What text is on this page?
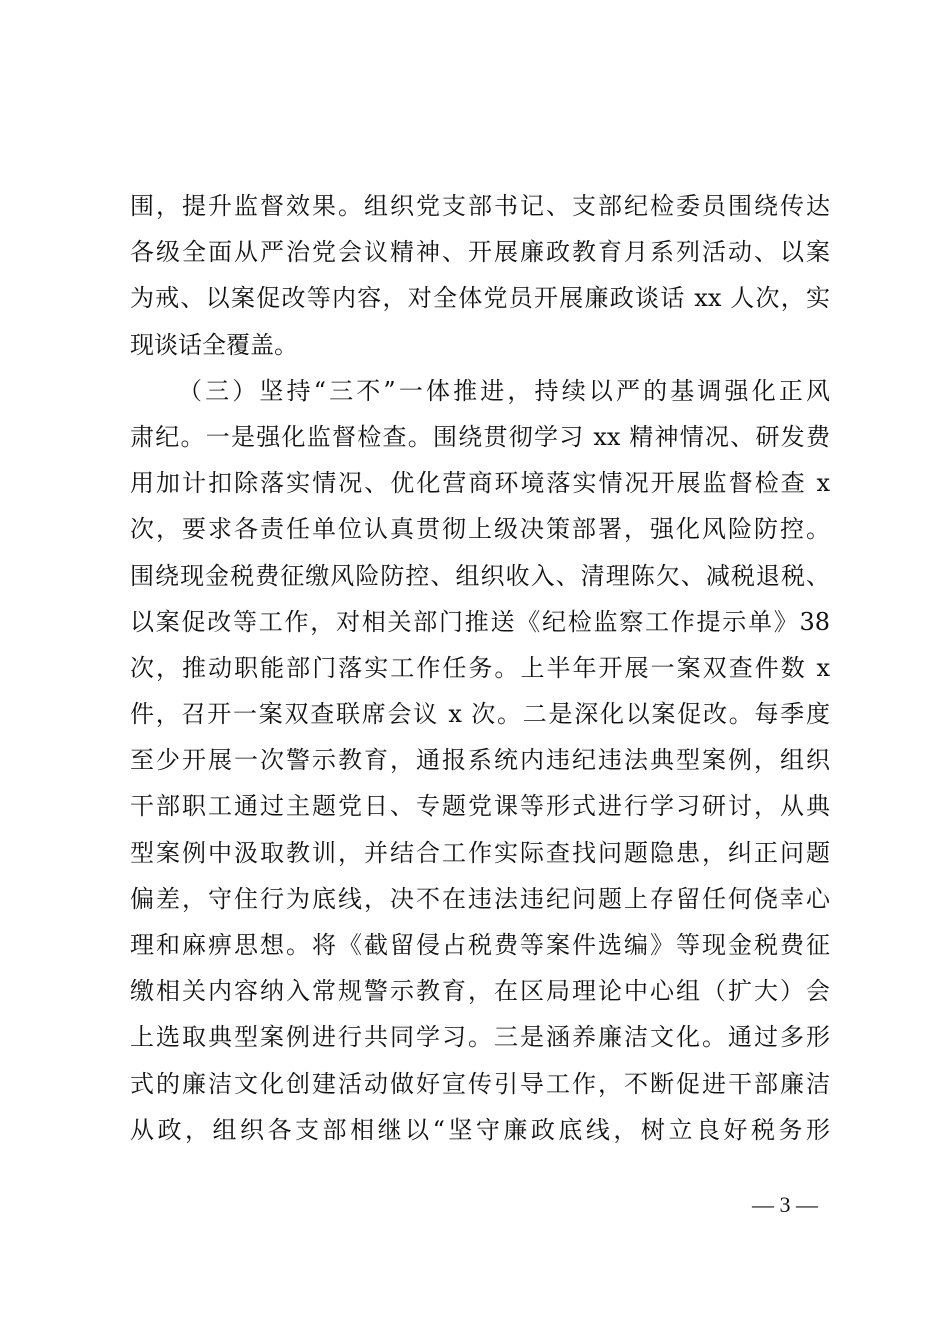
围，提升监督效果。组织党支部书记、支部纪检委员围绕传达
各级全面从严治党会议精神、开展廉政教育月系列活动、以案
为戒、以案促改等内容，对全体党员开展廉政谈话 xx 人次，实
现谈话全覆盖。
（三）坚持“三不”一体推进，持续以严的基调强化正风
肃纪。一是强化监督检查。围绕贯彻学习 xx 精神情况、研发费
用加计扣除落实情况、优化营商环境落实情况开展监督检查 x
次，要求各责任单位认真贯彻上级决策部署，强化风险防控。
围绕现金税费征缴风险防控、组织收入、清理陈欠、减税退税、
以案促改等工作，对相关部门推送《纪检监察工作提示单》38
次，推动职能部门落实工作任务。上半年开展一案双查件数 x
件，召开一案双查联席会议 x 次。二是深化以案促改。每季度
至少开展一次警示教育，通报系统内违纪违法典型案例，组织
干部职工通过主题党日、专题党课等形式进行学习研讨，从典
型案例中汲取教训，并结合工作实际查找问题隐患，纠正问题
偏差，守住行为底线，决不在违法违纪问题上存留任何侥幸心
理和麻痹思想。将《截留侵占税费等案件选编》等现金税费征
缴相关内容纳入常规警示教育，在区局理论中心组（扩大）会
上选取典型案例进行共同学习。三是涵养廉洁文化。通过多形
式的廉洁文化创建活动做好宣传引导工作，不断促进干部廉洁
从政，组织各支部相继以“坚守廉政底线，树立良好税务形
— 3 —
